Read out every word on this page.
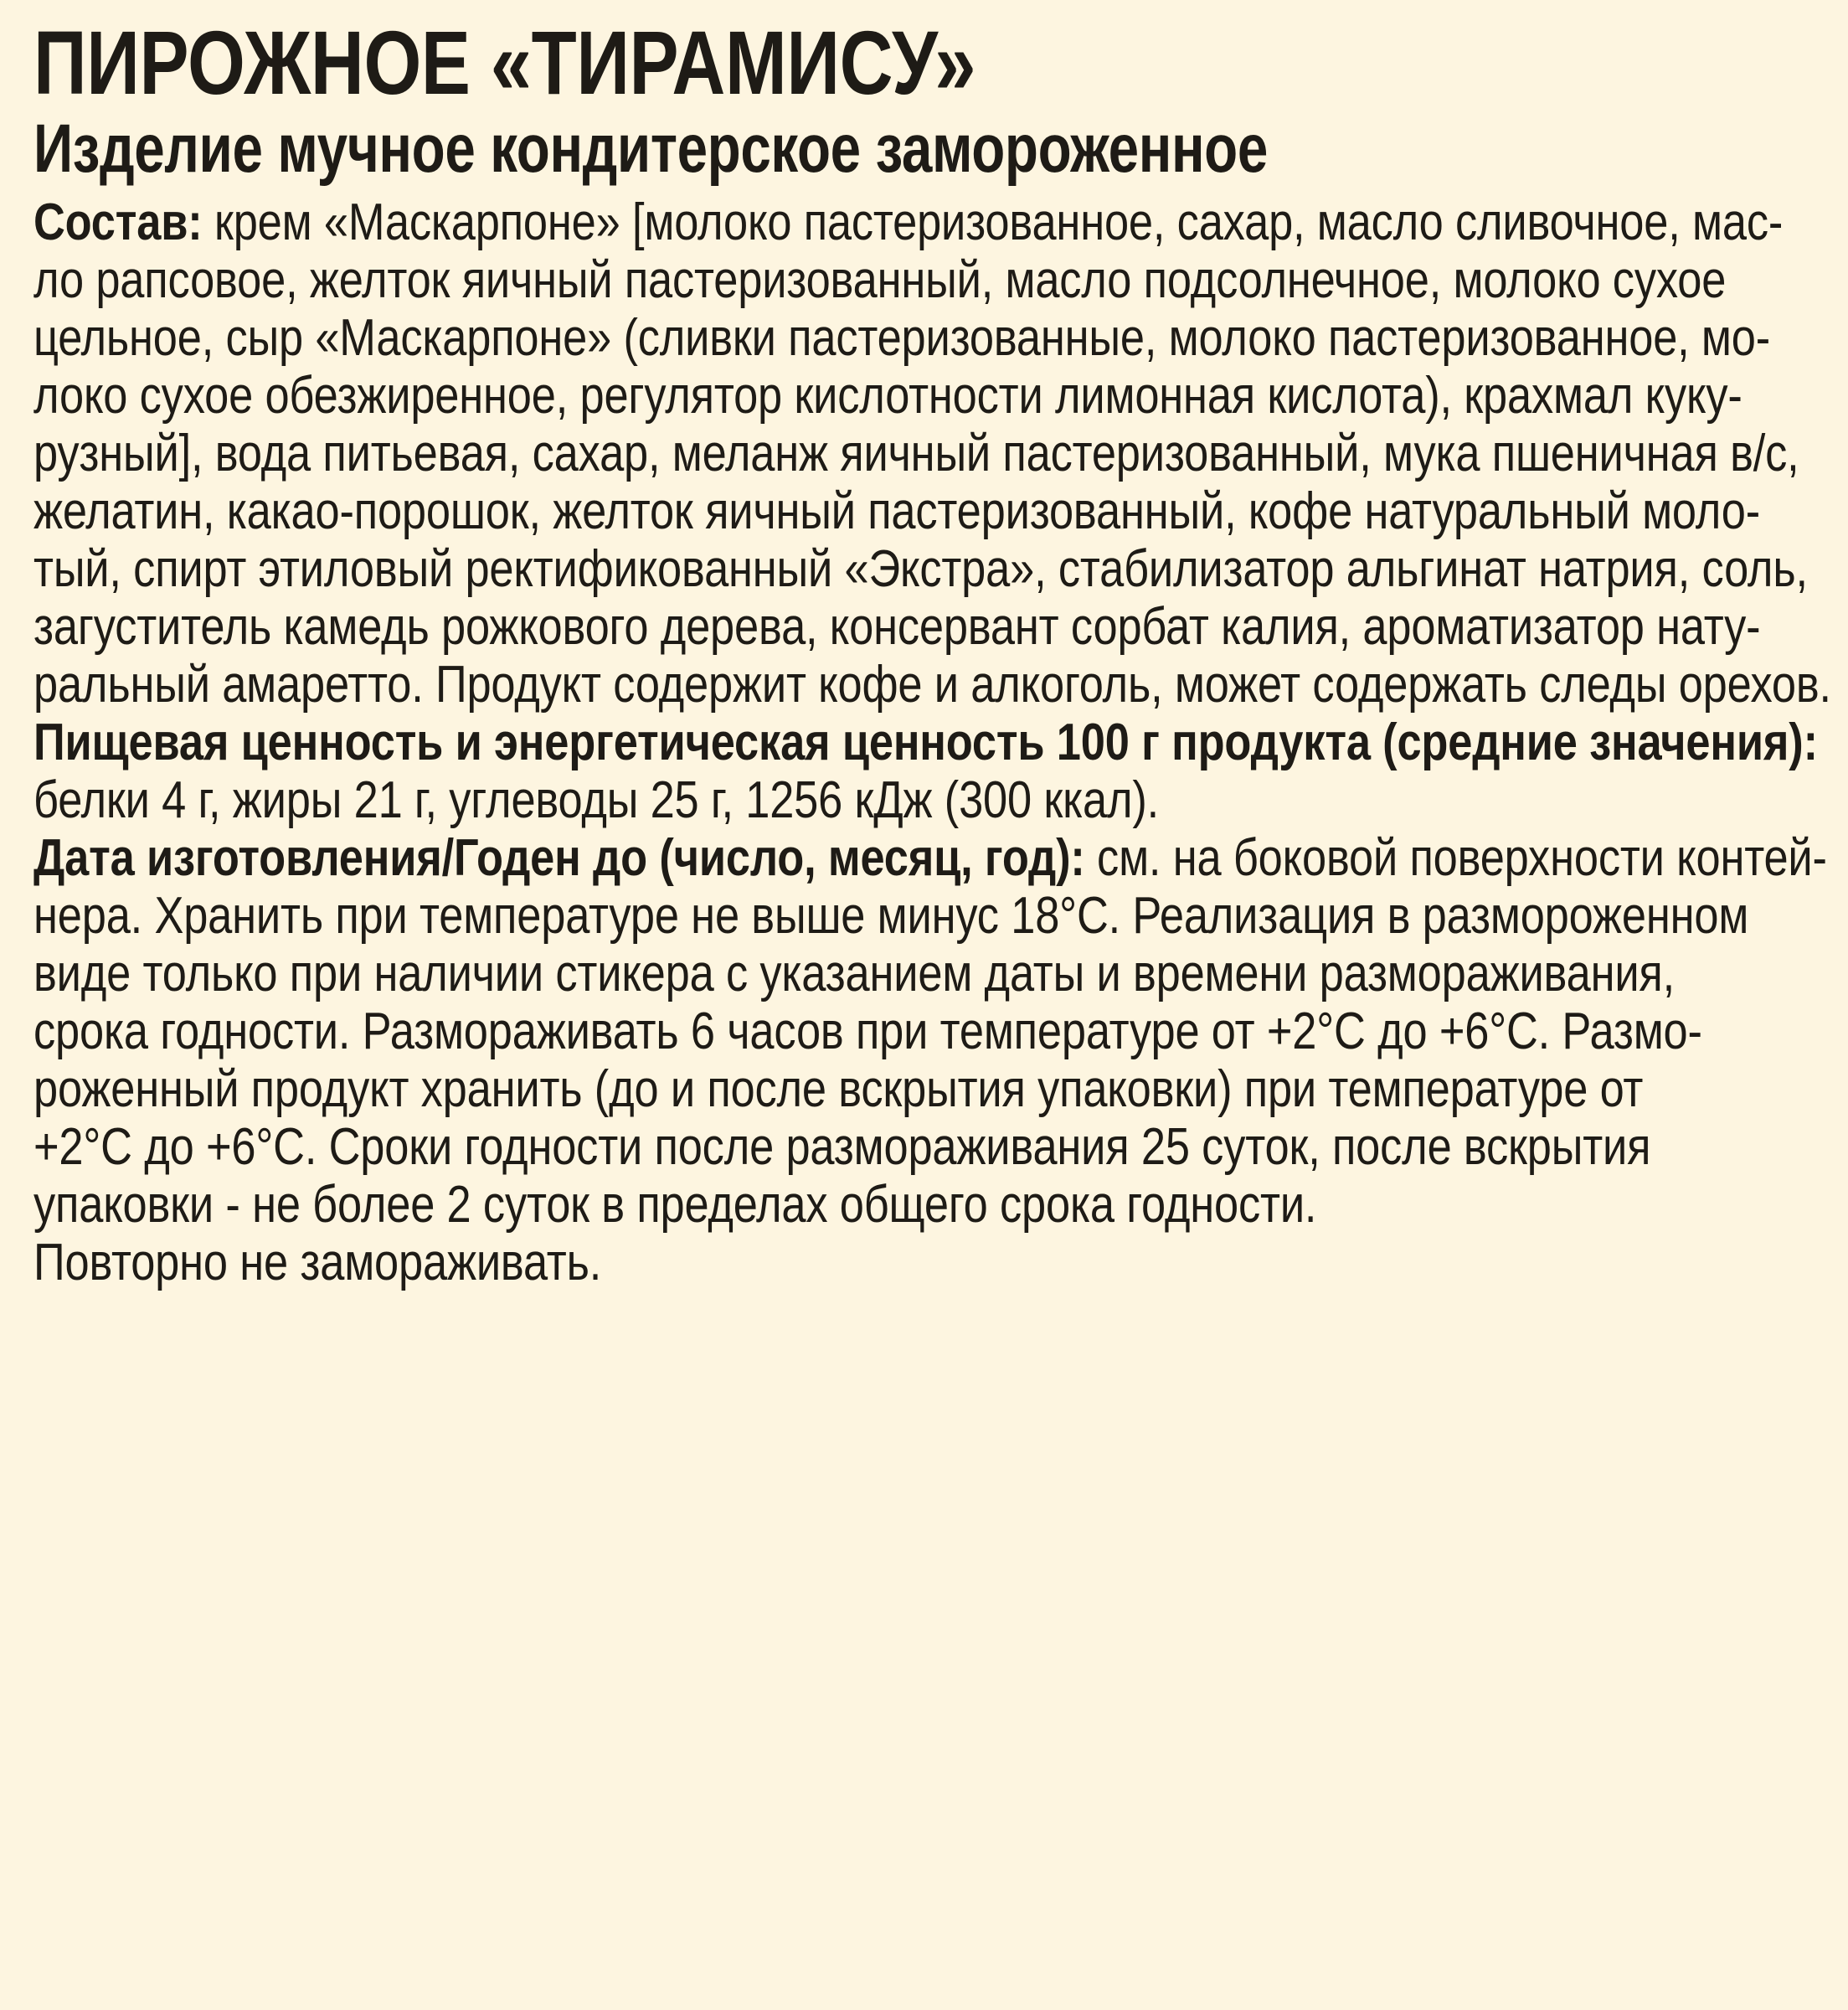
ПИРОЖНОЕ «ТИРАМИСУ»
Изделие мучное кондитерское замороженное
Состав: крем «Маскарпоне» [молоко пастеризованное, сахар, масло сливочное, мас-
ло рапсовое, желток яичный пастеризованный, масло подсолнечное, молоко сухое
цельное, сыр «Маскарпоне» (сливки пастеризованные, молоко пастеризованное, мо-
локо сухое обезжиренное, регулятор кислотности лимонная кислота), крахмал куку-
рузный], вода питьевая, сахар, меланж яичный пастеризованный, мука пшеничная в/с,
желатин, какао-порошок, желток яичный пастеризованный, кофе натуральный моло-
тый, спирт этиловый ректификованный «Экстра», стабилизатор альгинат натрия, соль,
загуститель камедь рожкового дерева, консервант сорбат калия, ароматизатор нату-
ральный амаретто. Продукт содержит кофе и алкоголь, может содержать следы орехов.
Пищевая ценность и энергетическая ценность 100 г продукта (средние значения):
белки 4 г, жиры 21 г, углеводы 25 г, 1256 кДж (300 ккал).
Дата изготовления/Годен до (число, месяц, год): см. на боковой поверхности контей-
нера. Хранить при температуре не выше минус 18°C. Реализация в размороженном
виде только при наличии стикера с указанием даты и времени размораживания,
срока годности. Размораживать 6 часов при температуре от +2°C до +6°C. Размо-
роженный продукт хранить (до и после вскрытия упаковки) при температуре от
+2°C до +6°C. Сроки годности после размораживания 25 суток, после вскрытия
упаковки - не более 2 суток в пределах общего срока годности.
Повторно не замораживать.
